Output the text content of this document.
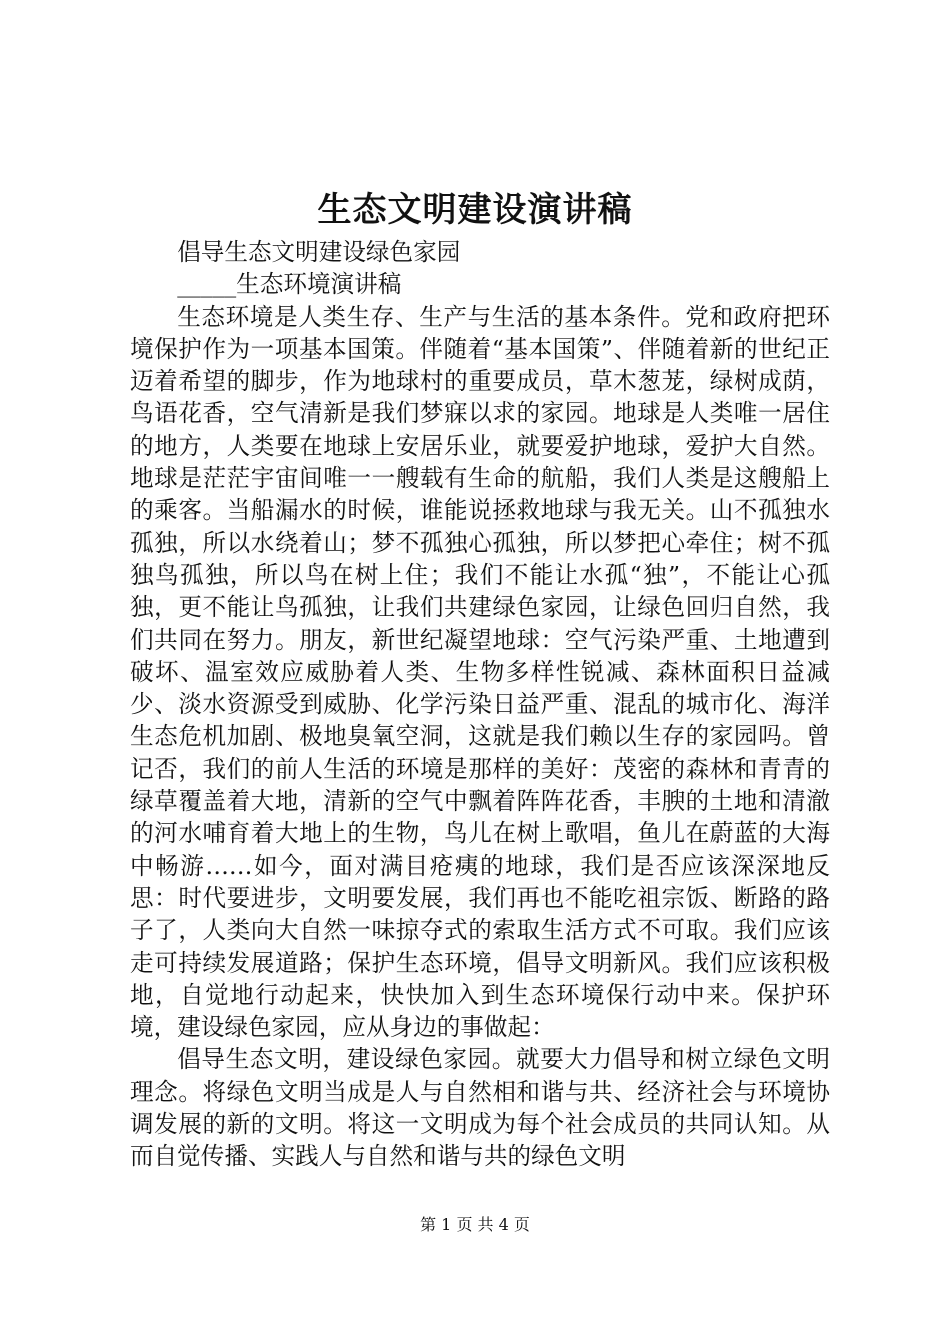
生态文明建设演讲稿

倡导生态文明建设绿色家园

_____生态环境演讲稿

生态环境是人类生存、生产与生活的基本条件。党和政府把环境保护作为一项基本国策。伴随着“基本国策”、伴随着新的世纪正迈着希望的脚步，作为地球村的重要成员，草木葱茏，绿树成荫，鸟语花香，空气清新是我们梦寐以求的家园。地球是人类唯一居住的地方，人类要在地球上安居乐业，就要爱护地球，爱护大自然。地球是茫茫宇宙间唯一一艘载有生命的航船，我们人类是这艘船上的乘客。当船漏水的时候，谁能说拯救地球与我无关。山不孤独水孤独，所以水绕着山；梦不孤独心孤独，所以梦把心牵住；树不孤独鸟孤独，所以鸟在树上住；我们不能让水孤“独”，不能让心孤独，更不能让鸟孤独，让我们共建绿色家园，让绿色回归自然，我们共同在努力。朋友，新世纪凝望地球：空气污染严重、土地遭到破坏、温室效应威胁着人类、生物多样性锐减、森林面积日益减少、淡水资源受到威胁、化学污染日益严重、混乱的城市化、海洋生态危机加剧、极地臭氧空洞，这就是我们赖以生存的家园吗。曾记否，我们的前人生活的环境是那样的美好：茂密的森林和青青的绿草覆盖着大地，清新的空气中飘着阵阵花香，丰腴的土地和清澈的河水哺育着大地上的生物，鸟儿在树上歌唱，鱼儿在蔚蓝的大海中畅游……如今，面对满目疮痍的地球，我们是否应该深深地反思：时代要进步，文明要发展，我们再也不能吃祖宗饭、断路的路子了，人类向大自然一味掠夺式的索取生活方式不可取。我们应该走可持续发展道路；保护生态环境，倡导文明新风。我们应该积极地，自觉地行动起来，快快加入到生态环境保行动中来。保护环境，建设绿色家园，应从身边的事做起：

倡导生态文明，建设绿色家园。就要大力倡导和树立绿色文明理念。将绿色文明当成是人与自然相和谐与共、经济社会与环境协调发展的新的文明。将这一文明成为每个社会成员的共同认知。从而自觉传播、实践人与自然和谐与共的绿色文明

第 1 页 共 4 页
